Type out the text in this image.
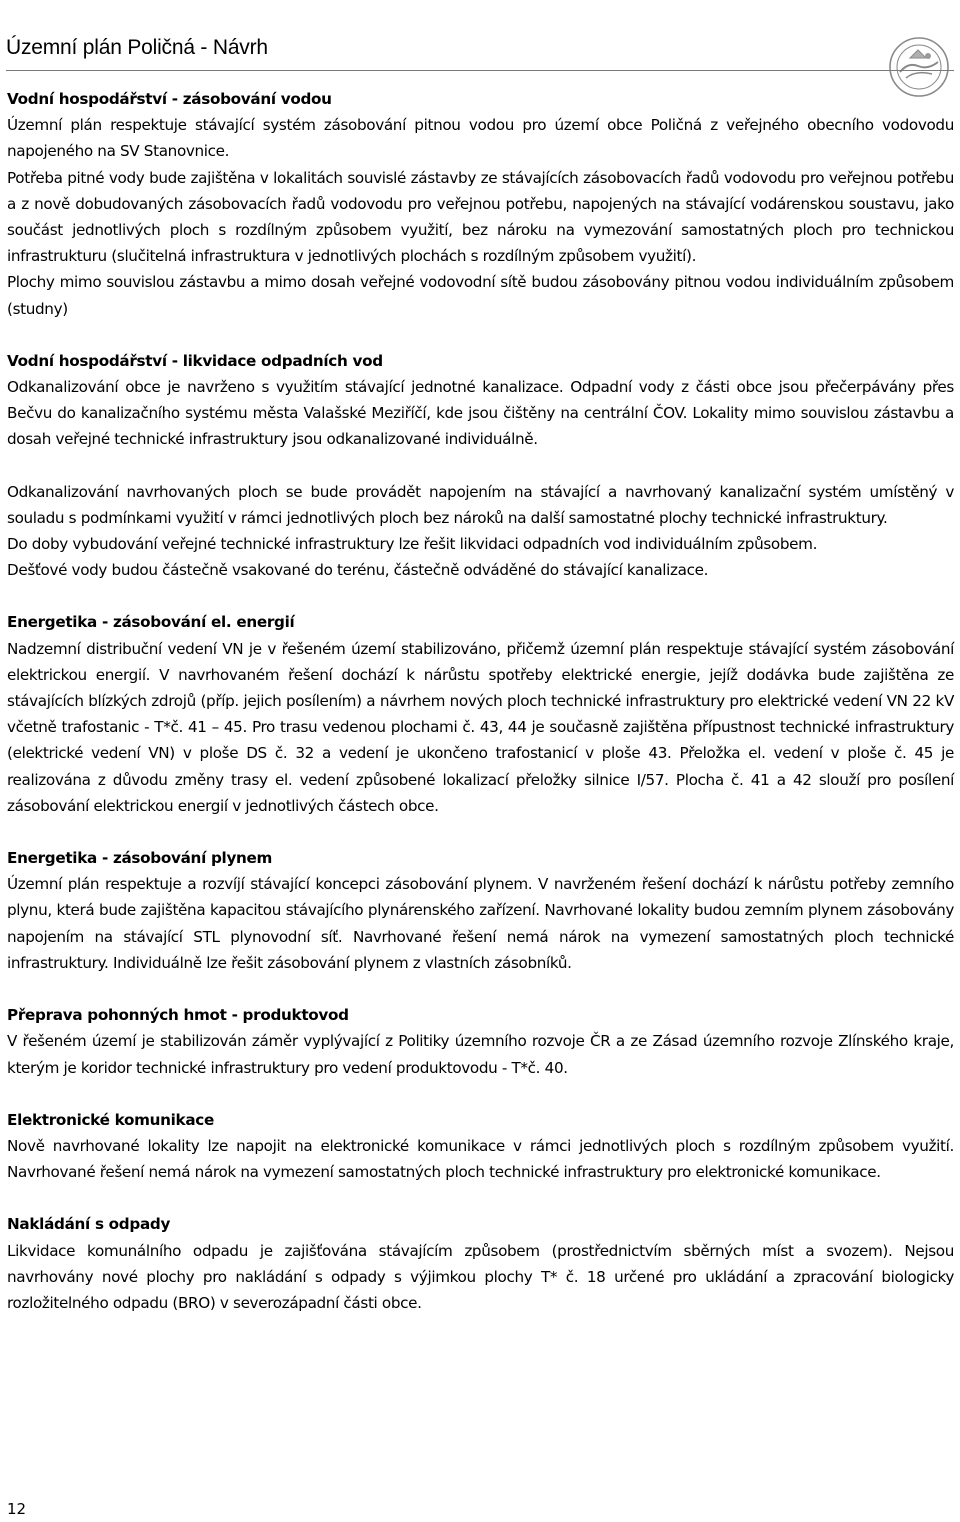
Územní plán Poličná - Návrh

Vodní hospodářství - zásobování vodou

Územní plán respektuje stávající systém zásobování pitnou vodou pro území obce Poličná z veřejného obecního vodovodu napojeného na SV Stanovnice.

Potřeba pitné vody bude zajištěna v lokalitách souvislé zástavby ze stávajících zásobovacích řadů vodovodu pro veřejnou potřebu a z nově dobudovaných zásobovacích řadů vodovodu pro veřejnou potřebu, napojených na stávající vodárenskou soustavu, jako součást jednotlivých ploch s rozdílným způsobem využití, bez nároku na vymezování samostatných ploch pro technickou infrastrukturu (slučitelná infrastruktura v jednotlivých plochách s rozdílným způsobem využití).

Plochy mimo souvislou zástavbu a mimo dosah veřejné vodovodní sítě budou zásobovány pitnou vodou individuálním způsobem (studny)

Vodní hospodářství - likvidace odpadních vod

Odkanalizování obce je navrženo s využitím stávající jednotné kanalizace. Odpadní vody z části obce jsou přečerpávány přes Bečvu do kanalizačního systému města Valašské Meziříčí, kde jsou čištěny na centrální ČOV. Lokality mimo souvislou zástavbu a dosah veřejné technické infrastruktury jsou odkanalizované individuálně.

Odkanalizování navrhovaných ploch se bude provádět napojením na stávající a navrhovaný kanalizační systém umístěný v souladu s podmínkami využití v rámci jednotlivých ploch bez nároků na další samostatné plochy technické infrastruktury.

Do doby vybudování veřejné technické infrastruktury lze řešit likvidaci odpadních vod individuálním způsobem.

Dešťové vody budou částečně vsakované do terénu, částečně odváděné do stávající kanalizace.

Energetika - zásobování el. energií

Nadzemní distribuční vedení VN je v řešeném území stabilizováno, přičemž územní plán respektuje stávající systém zásobování elektrickou energií. V navrhovaném řešení dochází k nárůstu spotřeby elektrické energie, jejíž dodávka bude zajištěna ze stávajících blízkých zdrojů (příp. jejich posílením) a návrhem nových ploch technické infrastruktury pro elektrické vedení VN 22 kV včetně trafostanic - T*č. 41 – 45. Pro trasu vedenou plochami č. 43, 44 je současně zajištěna přípustnost technické infrastruktury (elektrické vedení VN) v ploše DS č. 32 a vedení je ukončeno trafostanicí v ploše 43. Přeložka el. vedení v ploše č. 45 je realizována z důvodu změny trasy el. vedení způsobené lokalizací přeložky silnice I/57. Plocha č. 41 a 42 slouží pro posílení zásobování elektrickou energií v jednotlivých částech obce.

Energetika - zásobování plynem

Územní plán respektuje a rozvíjí stávající koncepci zásobování plynem. V navrženém řešení dochází k nárůstu potřeby zemního plynu, která bude zajištěna kapacitou stávajícího plynárenského zařízení. Navrhované lokality budou zemním plynem zásobovány napojením na stávající STL plynovodní síť. Navrhované řešení nemá nárok na vymezení samostatných ploch technické infrastruktury. Individuálně lze řešit zásobování plynem z vlastních zásobníků.

Přeprava pohonných hmot - produktovod

V řešeném území je stabilizován záměr vyplývající z Politiky územního rozvoje ČR a ze Zásad územního rozvoje Zlínského kraje, kterým je koridor technické infrastruktury pro vedení produktovodu - T*č. 40.

Elektronické komunikace

Nově navrhované lokality lze napojit na elektronické komunikace v rámci jednotlivých ploch s rozdílným způsobem využití. Navrhované řešení nemá nárok na vymezení samostatných ploch technické infrastruktury pro elektronické komunikace.

Nakládání s odpady

Likvidace komunálního odpadu je zajišťována stávajícím způsobem (prostřednictvím sběrných míst a svozem). Nejsou navrhovány nové plochy pro nakládání s odpady s výjimkou plochy T* č. 18 určené pro ukládání a zpracování biologicky rozložitelného odpadu (BRO) v severozápadní části obce.

12
